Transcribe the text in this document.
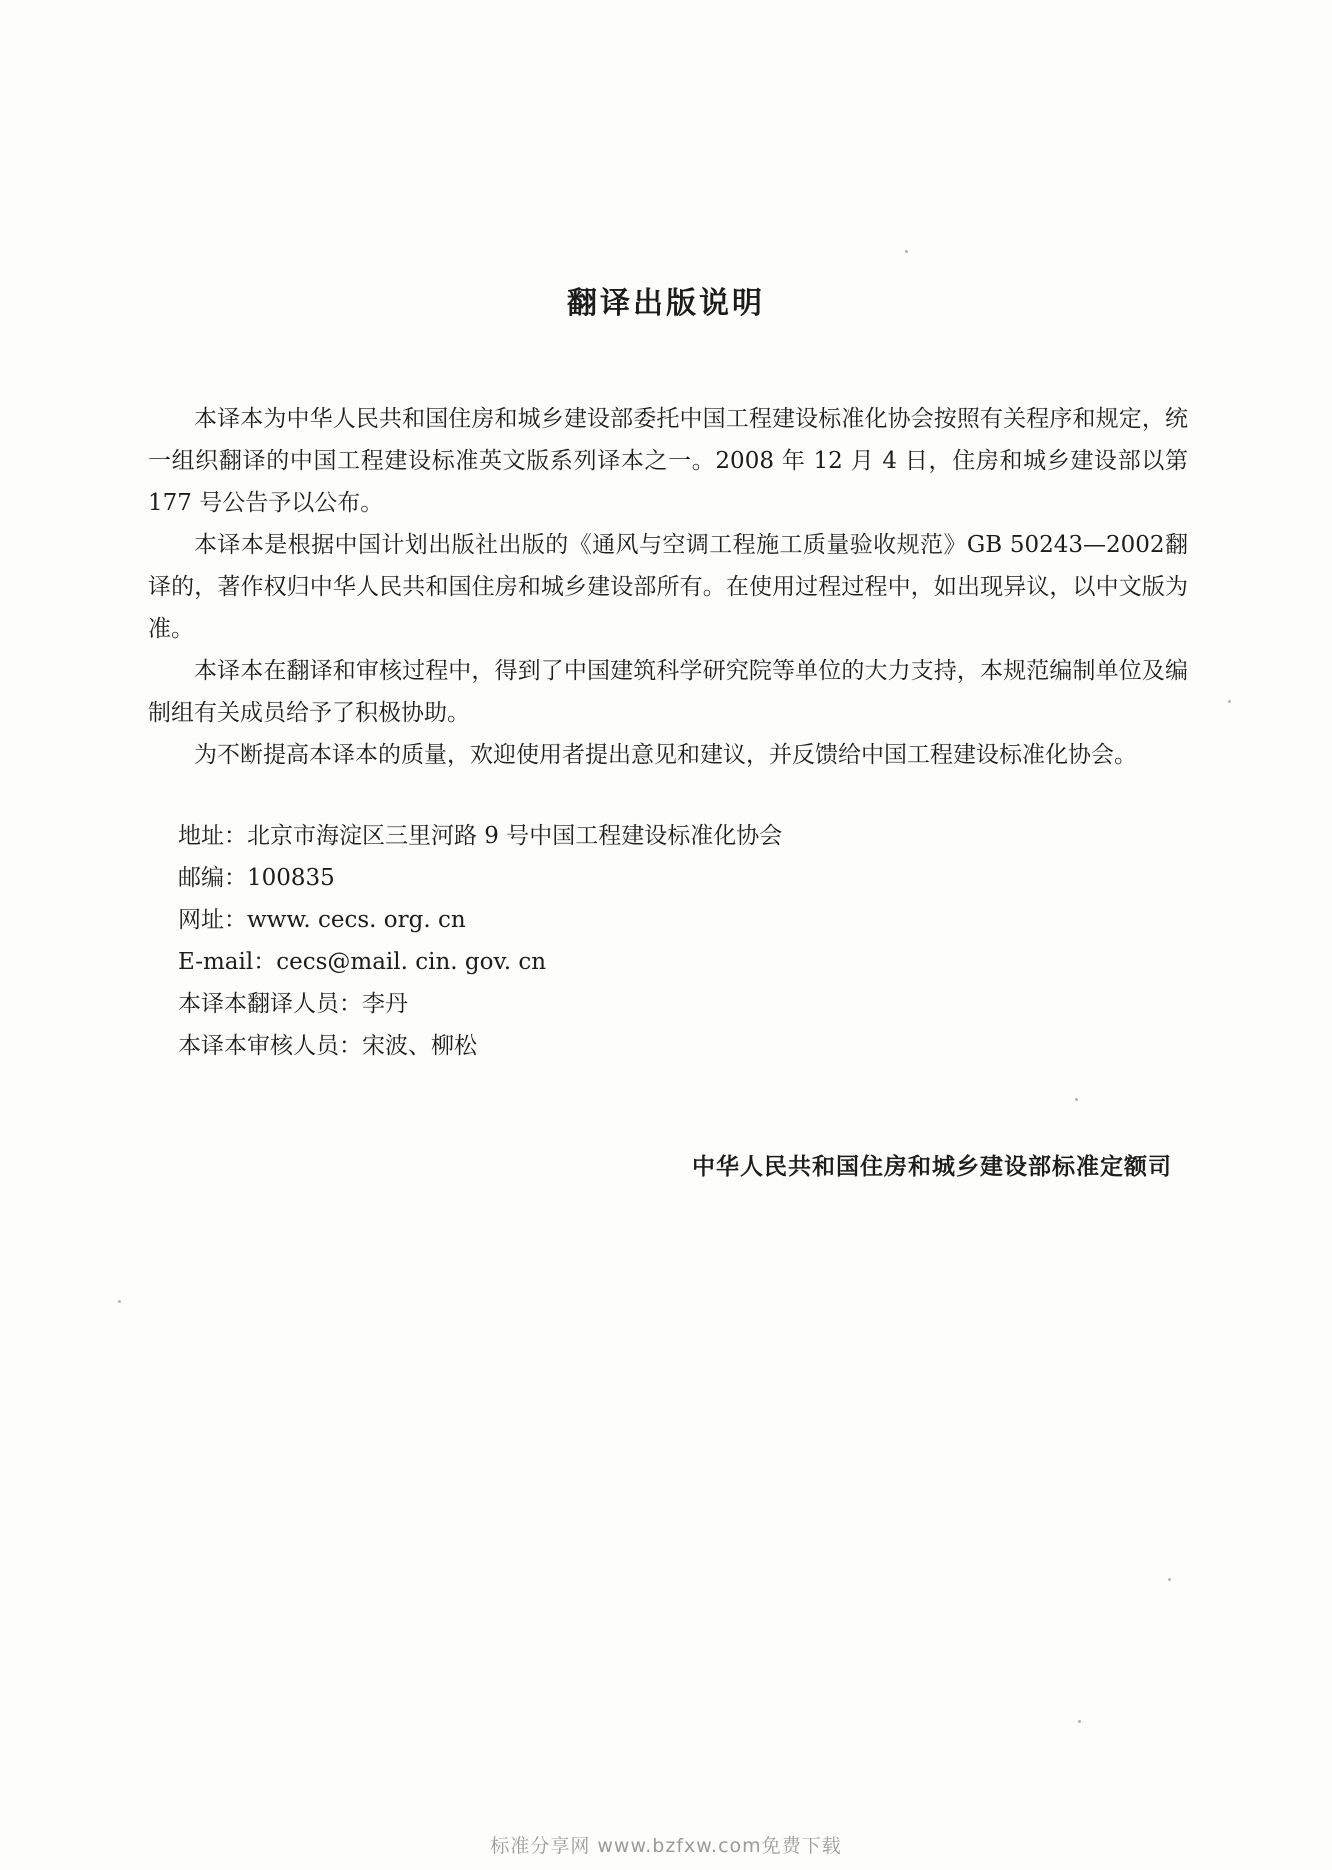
翻译出版说明

本译本为中华人民共和国住房和城乡建设部委托中国工程建设标准化协会按照有关程序和规定，统一组织翻译的中国工程建设标准英文版系列译本之一。2008 年 12 月 4 日，住房和城乡建设部以第 177 号公告予以公布。

本译本是根据中国计划出版社出版的《通风与空调工程施工质量验收规范》GB 50243—2002翻译的，著作权归中华人民共和国住房和城乡建设部所有。在使用过程过程中，如出现异议，以中文版为准。

本译本在翻译和审核过程中，得到了中国建筑科学研究院等单位的大力支持，本规范编制单位及编制组有关成员给予了积极协助。

为不断提高本译本的质量，欢迎使用者提出意见和建议，并反馈给中国工程建设标准化协会。

地址：北京市海淀区三里河路 9 号中国工程建设标准化协会
邮编：100835
网址：www. cecs. org. cn
E-mail：cecs@mail. cin. gov. cn
本译本翻译人员：李丹
本译本审核人员：宋波、柳松
中华人民共和国住房和城乡建设部标准定额司
标准分享网 www.bzfxw.com免费下载
